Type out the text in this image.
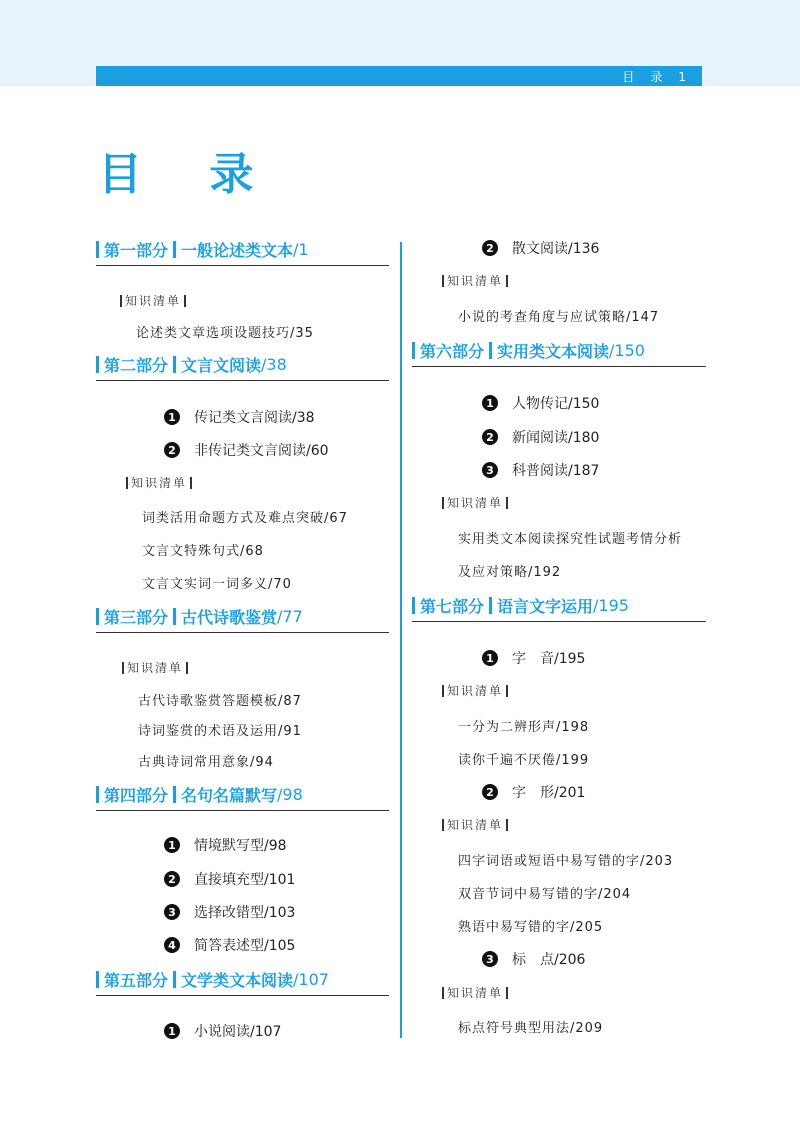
目　录　1
目 录
第一部分 一般论述类文本 /1
知识清单
论述类文章选项设题技巧/35
第二部分 文言文阅读 /38
1 传记类文言阅读/38
2 非传记类文言阅读/60
知识清单
词类活用命题方式及难点突破/67
文言文特殊句式/68
文言文实词一词多义/70
第三部分 古代诗歌鉴赏 /77
知识清单
古代诗歌鉴赏答题模板/87
诗词鉴赏的术语及运用/91
古典诗词常用意象/94
第四部分 名句名篇默写 /98
1 情境默写型/98
2 直接填充型/101
3 选择改错型/103
4 简答表述型/105
第五部分 文学类文本阅读 /107
1 小说阅读/107
2 散文阅读/136
知识清单
小说的考查角度与应试策略/147
第六部分 实用类文本阅读 /150
1 人物传记/150
2 新闻阅读/180
3 科普阅读/187
知识清单
实用类文本阅读探究性试题考情分析
及应对策略/192
第七部分 语言文字运用 /195
1 字　音/195
知识清单
一分为二辨形声/198
读你千遍不厌倦/199
2 字　形/201
知识清单
四字词语或短语中易写错的字/203
双音节词中易写错的字/204
熟语中易写错的字/205
3 标　点/206
知识清单
标点符号典型用法/209
